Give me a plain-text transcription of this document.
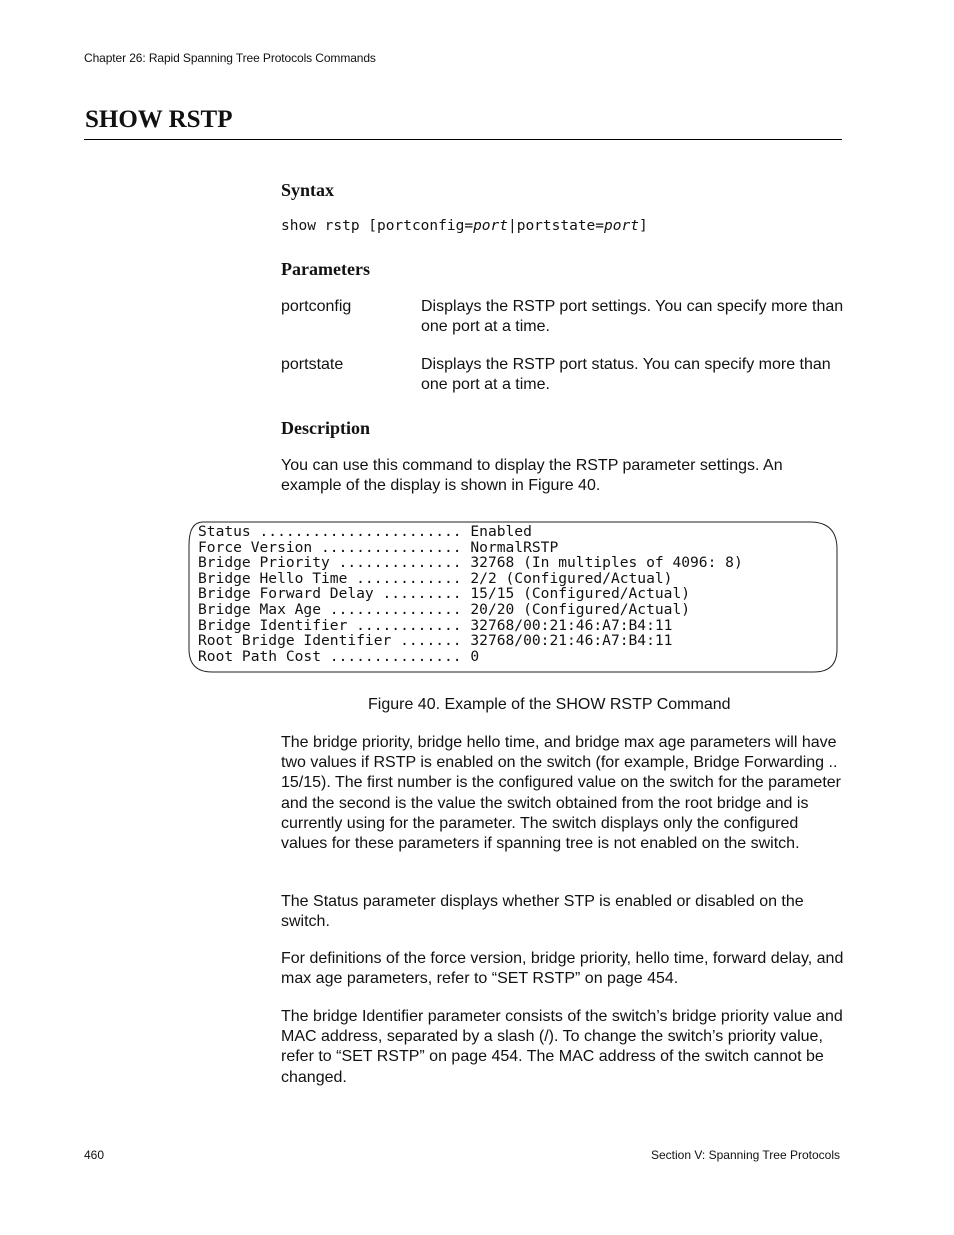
Chapter 26: Rapid Spanning Tree Protocols Commands
SHOW RSTP
Syntax
show rstp [portconfig=port|portstate=port]
Parameters
portconfig	Displays the RSTP port settings. You can specify more than one port at a time.
portstate	Displays the RSTP port status. You can specify more than one port at a time.
Description
You can use this command to display the RSTP parameter settings. An example of the display is shown in Figure 40.
Status ....................... Enabled
Force Version ................ NormalRSTP
Bridge Priority .............. 32768 (In multiples of 4096: 8)
Bridge Hello Time ............ 2/2 (Configured/Actual)
Bridge Forward Delay ......... 15/15 (Configured/Actual)
Bridge Max Age ............... 20/20 (Configured/Actual)
Bridge Identifier ............ 32768/00:21:46:A7:B4:11
Root Bridge Identifier ....... 32768/00:21:46:A7:B4:11
Root Path Cost ............... 0
Figure 40. Example of the SHOW RSTP Command
The bridge priority, bridge hello time, and bridge max age parameters will have two values if RSTP is enabled on the switch (for example, Bridge Forwarding .. 15/15). The first number is the configured value on the switch for the parameter and the second is the value the switch obtained from the root bridge and is currently using for the parameter. The switch displays only the configured values for these parameters if spanning tree is not enabled on the switch.
The Status parameter displays whether STP is enabled or disabled on the switch.
For definitions of the force version, bridge priority, hello time, forward delay, and max age parameters, refer to “SET RSTP” on page 454.
The bridge Identifier parameter consists of the switch’s bridge priority value and MAC address, separated by a slash (/). To change the switch’s priority value, refer to “SET RSTP” on page 454. The MAC address of the switch cannot be changed.
460	Section V: Spanning Tree Protocols
